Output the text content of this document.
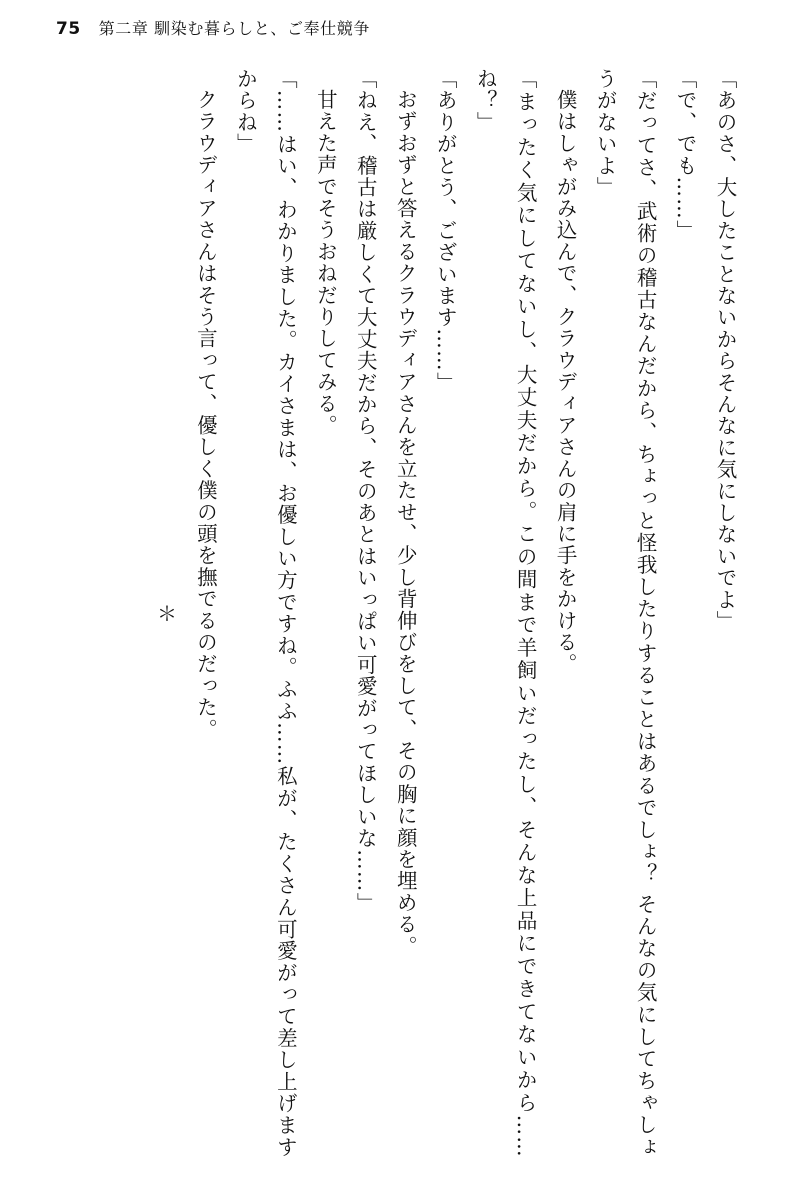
75 第二章 馴染む暮らしと、ご奉仕競争

「あのさ、大したことないからそんなに気にしないでよ」

「で、でも……」

「だってさ、武術の稽古なんだから、ちょっと怪我したりすることはあるでしょ？ そんなの気にしてちゃしょうがないよ」

僕はしゃがみ込んで、クラウディアさんの肩に手をかける。

「まったく気にしてないし、大丈夫だから。この間まで羊飼いだったし、そんな上品にできてないから……ね？」

「ありがとう、ございます……」

おずおずと答えるクラウディアさんを立たせ、少し背伸びをして、その胸に顔を埋める。

「ねえ、稽古は厳しくて大丈夫だから、そのあとはいっぱい可愛がってほしいな……」

甘えた声でそうおねだりしてみる。

「……はい、わかりました。カイさまは、お優しい方ですね。ふふ……私が、たくさん可愛がって差し上げますからね」

クラウディアさんはそう言って、優しく僕の頭を撫でるのだった。

＊
